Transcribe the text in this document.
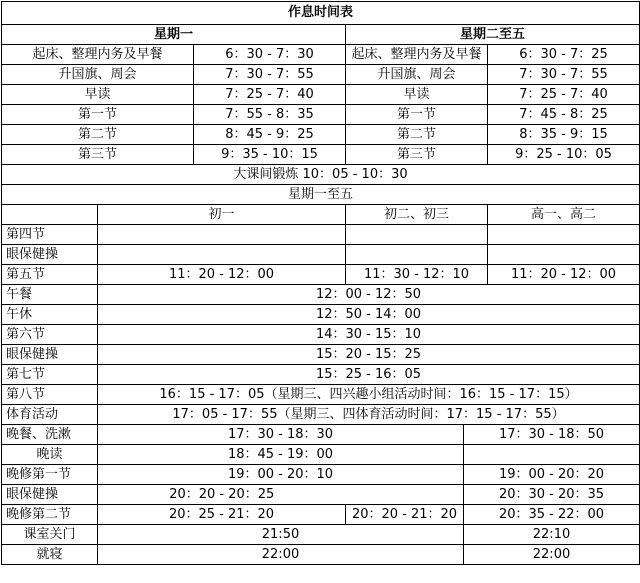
作息时间表					
星期一			星期二至五		
起床、整理内务及早餐		6：30 - 7：30	起床、整理内务及早餐		6：30 - 7：25
升国旗、周会		7：30 - 7：55	升国旗、周会		7：30 - 7：55
早读		7：25 - 7：40	早读		7：25 - 7：40
第一节		7：55 - 8：35	第一节		7：45 - 8：25
第二节		8：45 - 9：25	第二节		8：35 - 9：15
第三节		9：35 - 10：15	第三节		9：25 - 10：05
大课间锻炼 10：05 - 10：30					
星期一至五					
	初一		初二、初三		高一、高二
第四节					
眼保健操					
第五节	11：20 - 12：00		11：30 - 12：10		11：20 - 12：00
午餐	12：00 - 12：50				
午休	12：50 - 14：00				
第六节	14：30 - 15：10				
眼保健操	15：20 - 15：25				
第七节	15：25 - 16：05				
第八节	16：15 - 17：05（星期三、四兴趣小组活动时间：16：15 - 17：15）				
体育活动	17：05 - 17：55（星期三、四体育活动时间：17：15 - 17：55）				
晚餐、洗漱	17：30 - 18：30			17：30 - 18：50	
晚读	18：45 - 19：00				
晚修第一节	19：00 - 20：10			19：00 - 20：20	
眼保健操	20：20 - 20：25			20：30 - 20：35	
晚修第二节	20：25 - 21：20		20：20 - 21：20	20：35 - 22：00	
课室关门	21:50			22:10	
就寝	22:00			22:00	
